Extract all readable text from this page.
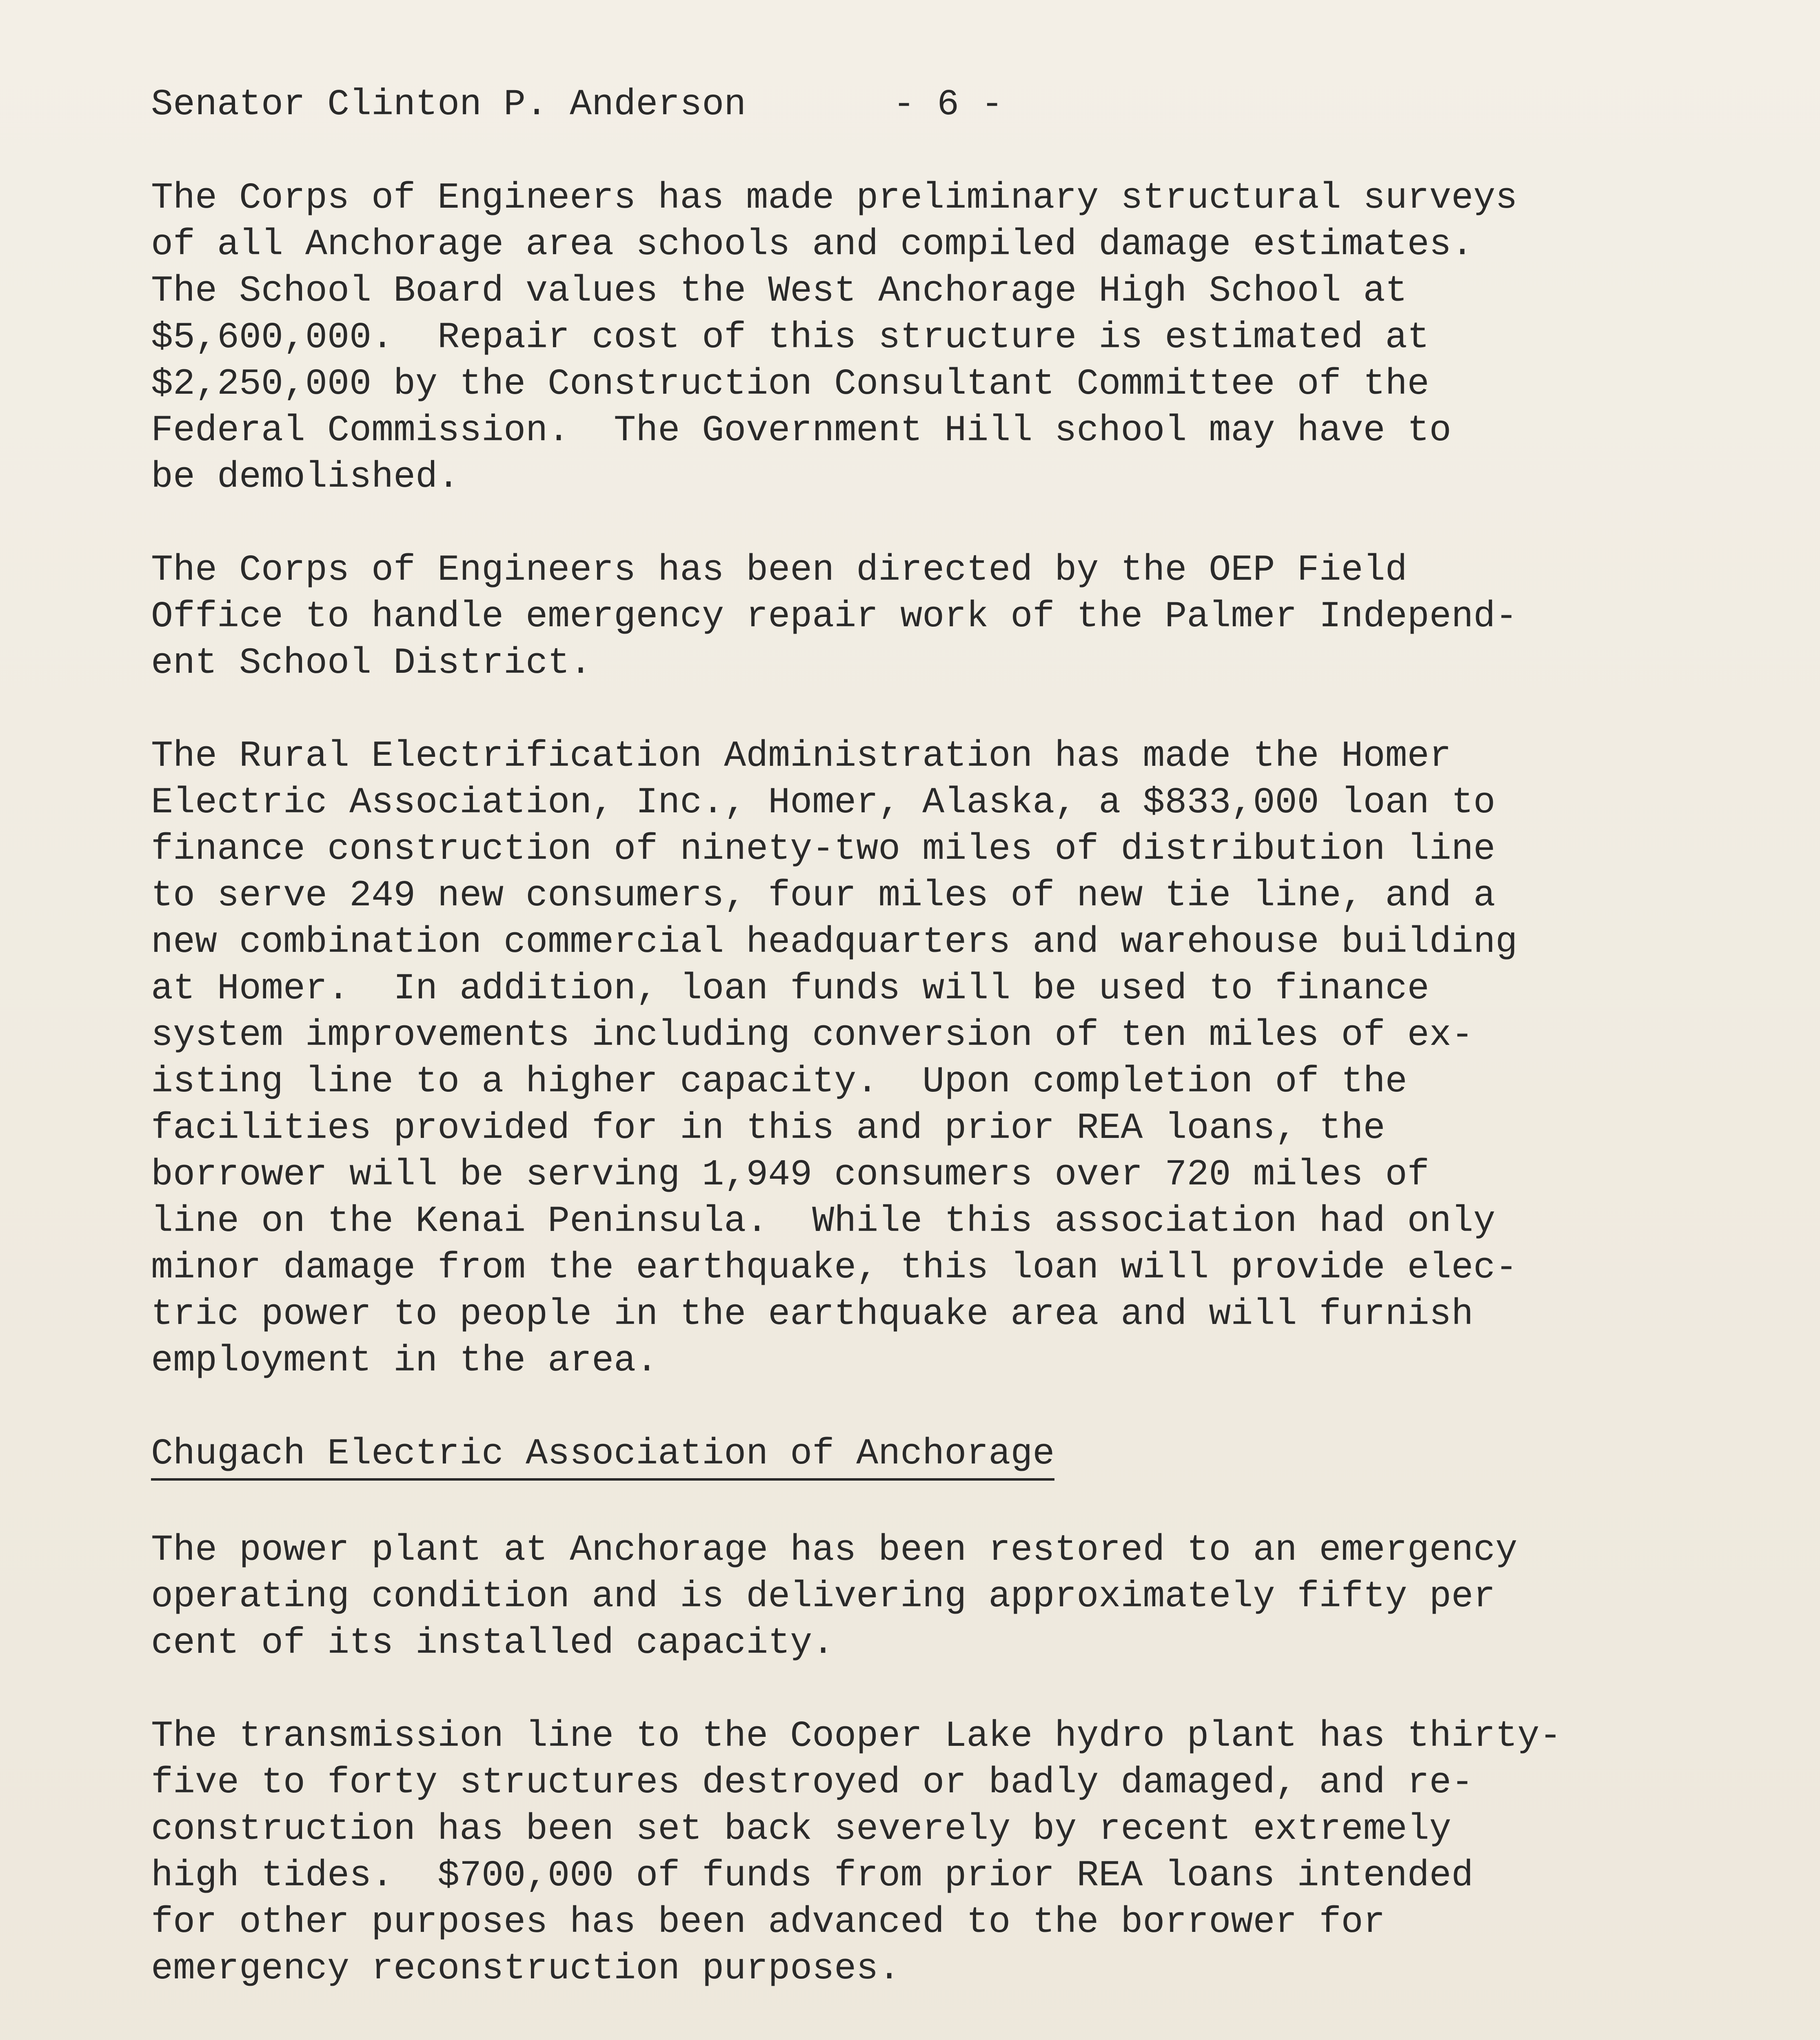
Senator Clinton P. Anderson	- 6 -
The Corps of Engineers has made preliminary structural surveys
of all Anchorage area schools and compiled damage estimates.
The School Board values the West Anchorage High School at
$5,600,000.  Repair cost of this structure is estimated at
$2,250,000 by the Construction Consultant Committee of the
Federal Commission.  The Government Hill school may have to
be demolished.
The Corps of Engineers has been directed by the OEP Field
Office to handle emergency repair work of the Palmer Independ-
ent School District.
The Rural Electrification Administration has made the Homer
Electric Association, Inc., Homer, Alaska, a $833,000 loan to
finance construction of ninety-two miles of distribution line
to serve 249 new consumers, four miles of new tie line, and a
new combination commercial headquarters and warehouse building
at Homer.  In addition, loan funds will be used to finance
system improvements including conversion of ten miles of ex-
isting line to a higher capacity.  Upon completion of the
facilities provided for in this and prior REA loans, the
borrower will be serving 1,949 consumers over 720 miles of
line on the Kenai Peninsula.  While this association had only
minor damage from the earthquake, this loan will provide elec-
tric power to people in the earthquake area and will furnish
employment in the area.
Chugach Electric Association of Anchorage
The power plant at Anchorage has been restored to an emergency
operating condition and is delivering approximately fifty per
cent of its installed capacity.
The transmission line to the Cooper Lake hydro plant has thirty-
five to forty structures destroyed or badly damaged, and re-
construction has been set back severely by recent extremely
high tides.  $700,000 of funds from prior REA loans intended
for other purposes has been advanced to the borrower for
emergency reconstruction purposes.
